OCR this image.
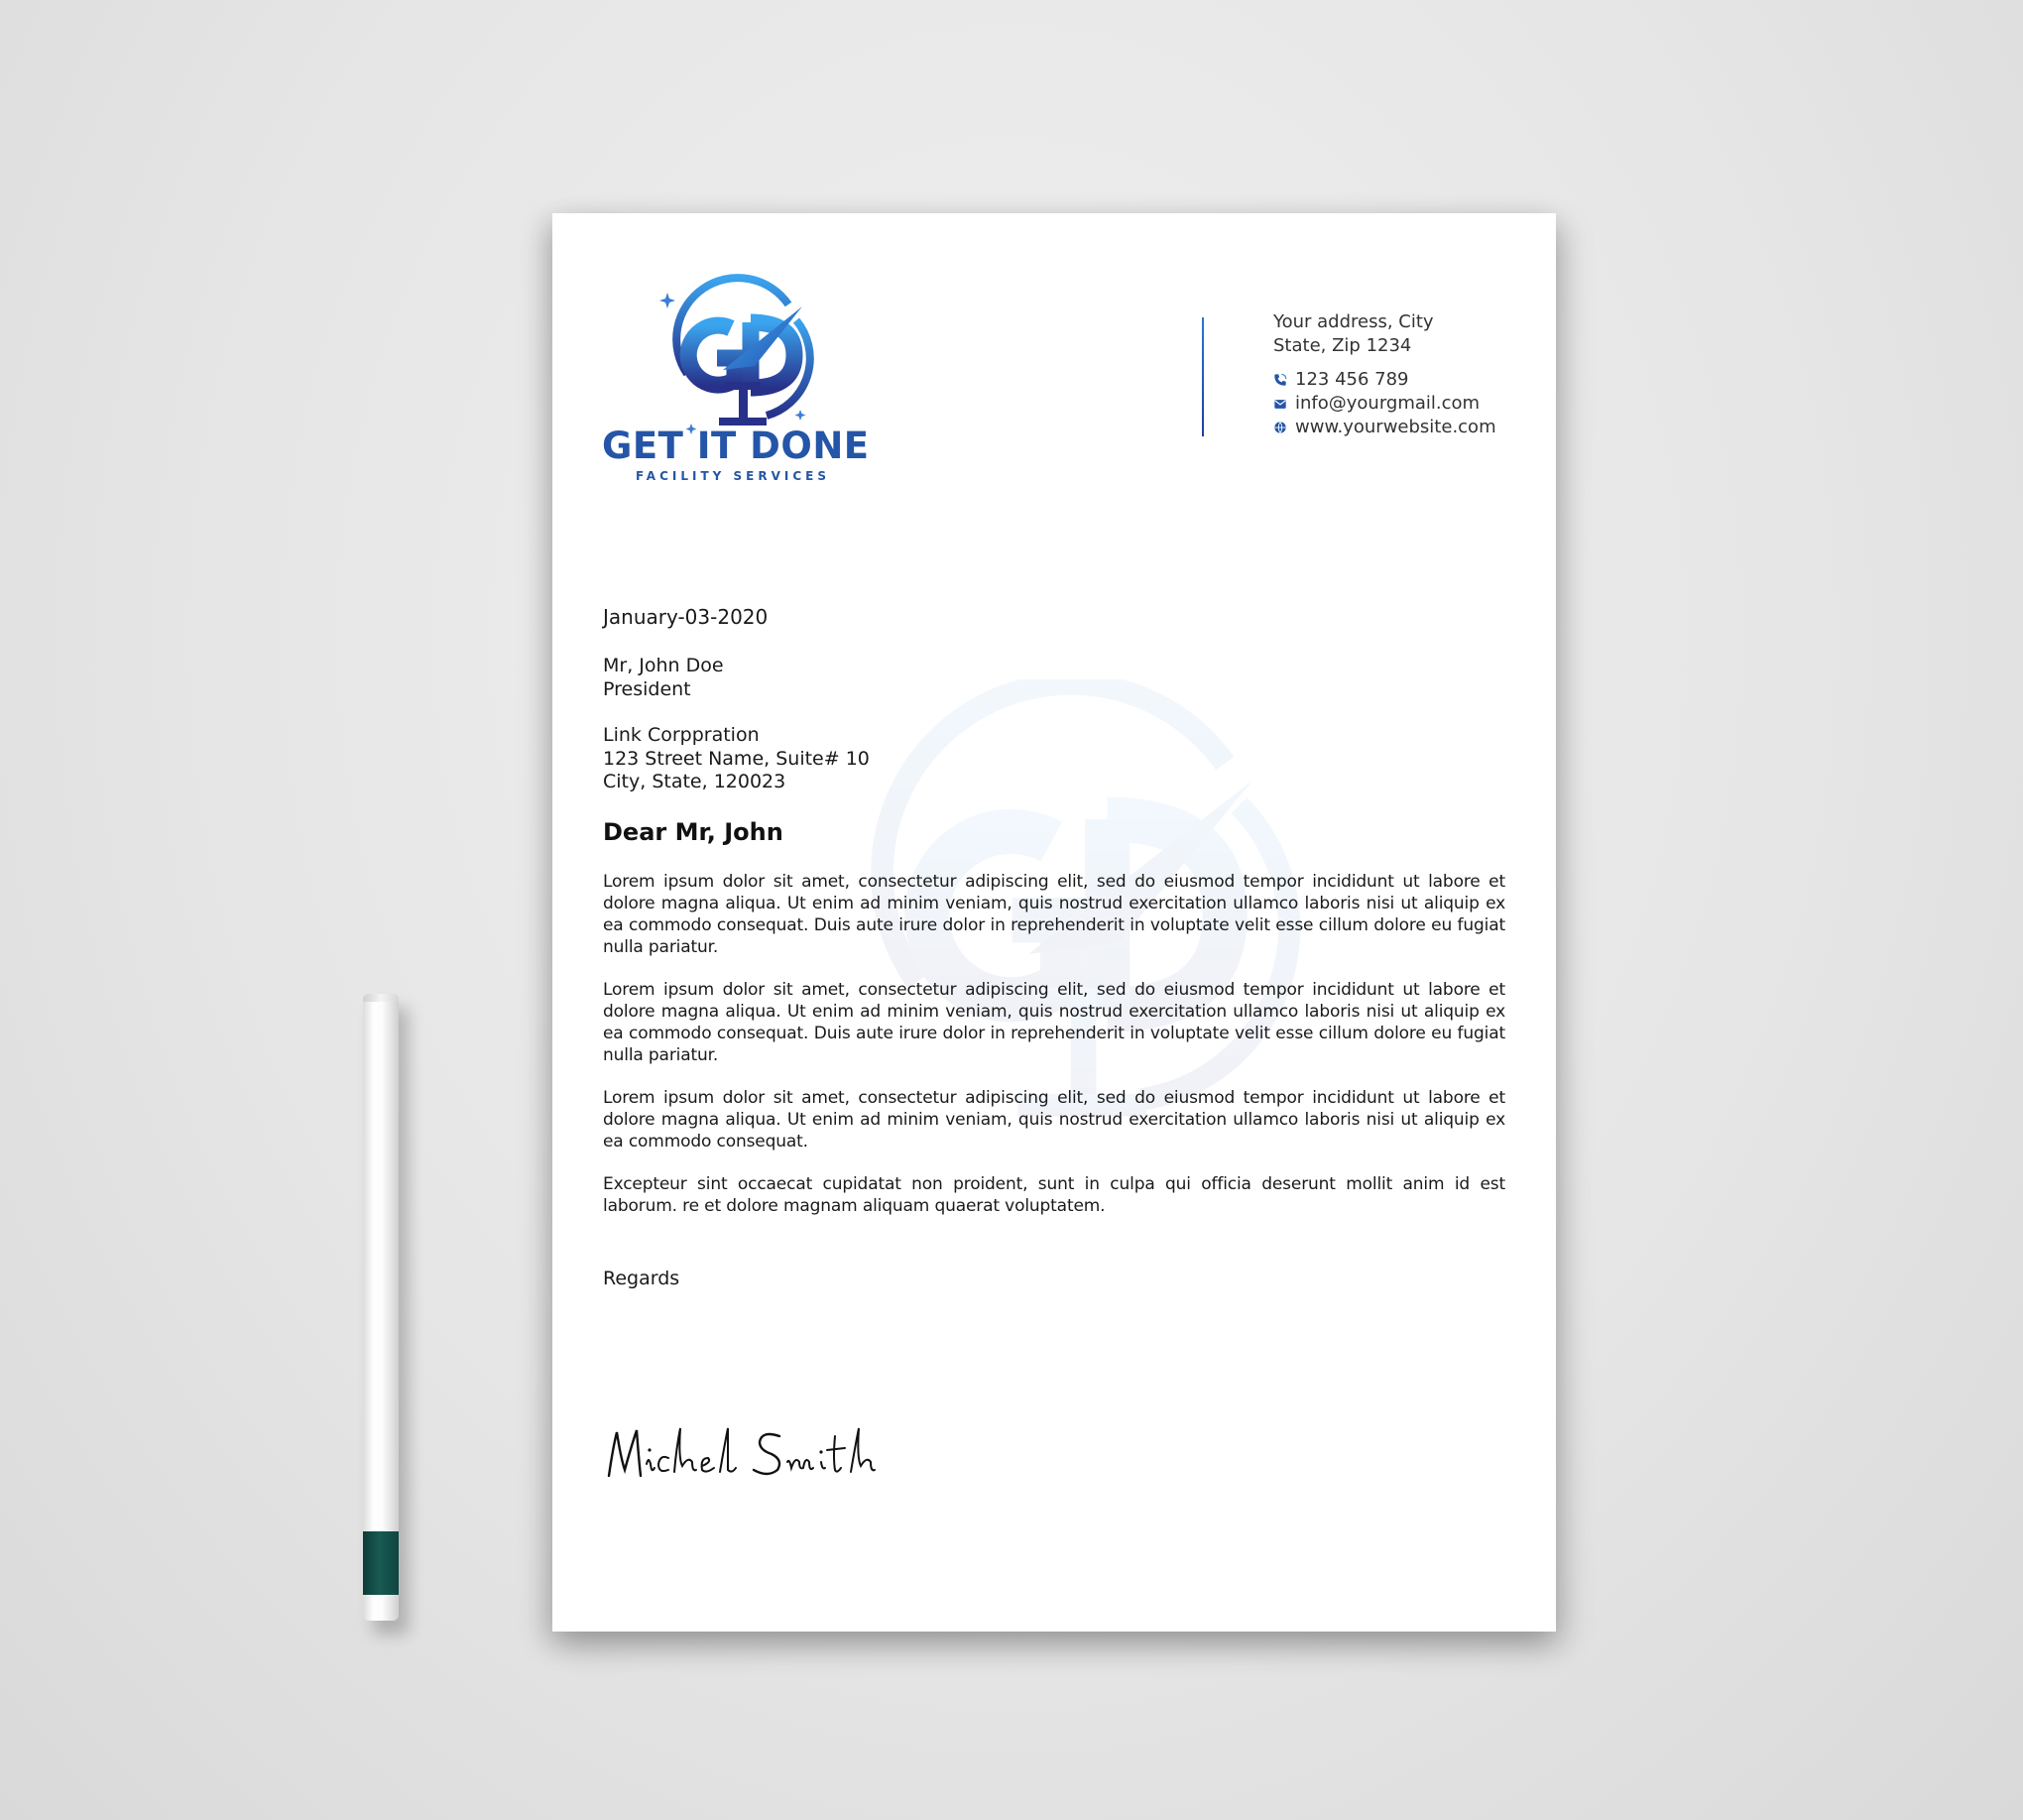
GET IT DONE
FACILITY SERVICES
Your address, City
State, Zip 1234
123 456 789
info@yourgmail.com
www.yourwebsite.com
January-03-2020
Mr, John Doe
President
Link Corppration
123 Street Name, Suite# 10
City, State, 120023
Dear Mr, John

Lorem ipsum dolor sit amet, consectetur adipiscing elit, sed do eiusmod tempor incididunt ut labore et dolore magna aliqua. Ut enim ad minim veniam, quis nostrud exercitation ullamco laboris nisi ut aliquip ex ea commodo consequat. Duis aute irure dolor in reprehenderit in voluptate velit esse cillum dolore eu fugiat nulla pariatur.

Lorem ipsum dolor sit amet, consectetur adipiscing elit, sed do eiusmod tempor incididunt ut labore et dolore magna aliqua. Ut enim ad minim veniam, quis nostrud exercitation ullamco laboris nisi ut aliquip ex ea commodo consequat. Duis aute irure dolor in reprehenderit in voluptate velit esse cillum dolore eu fugiat nulla pariatur.

Lorem ipsum dolor sit amet, consectetur adipiscing elit, sed do eiusmod tempor incididunt ut labore et dolore magna aliqua. Ut enim ad minim veniam, quis nostrud exercitation ullamco laboris nisi ut aliquip ex ea commodo consequat.

Excepteur sint occaecat cupidatat non proident, sunt in culpa qui officia deserunt mollit anim id est laborum. re et dolore magnam aliquam quaerat voluptatem.

Regards
